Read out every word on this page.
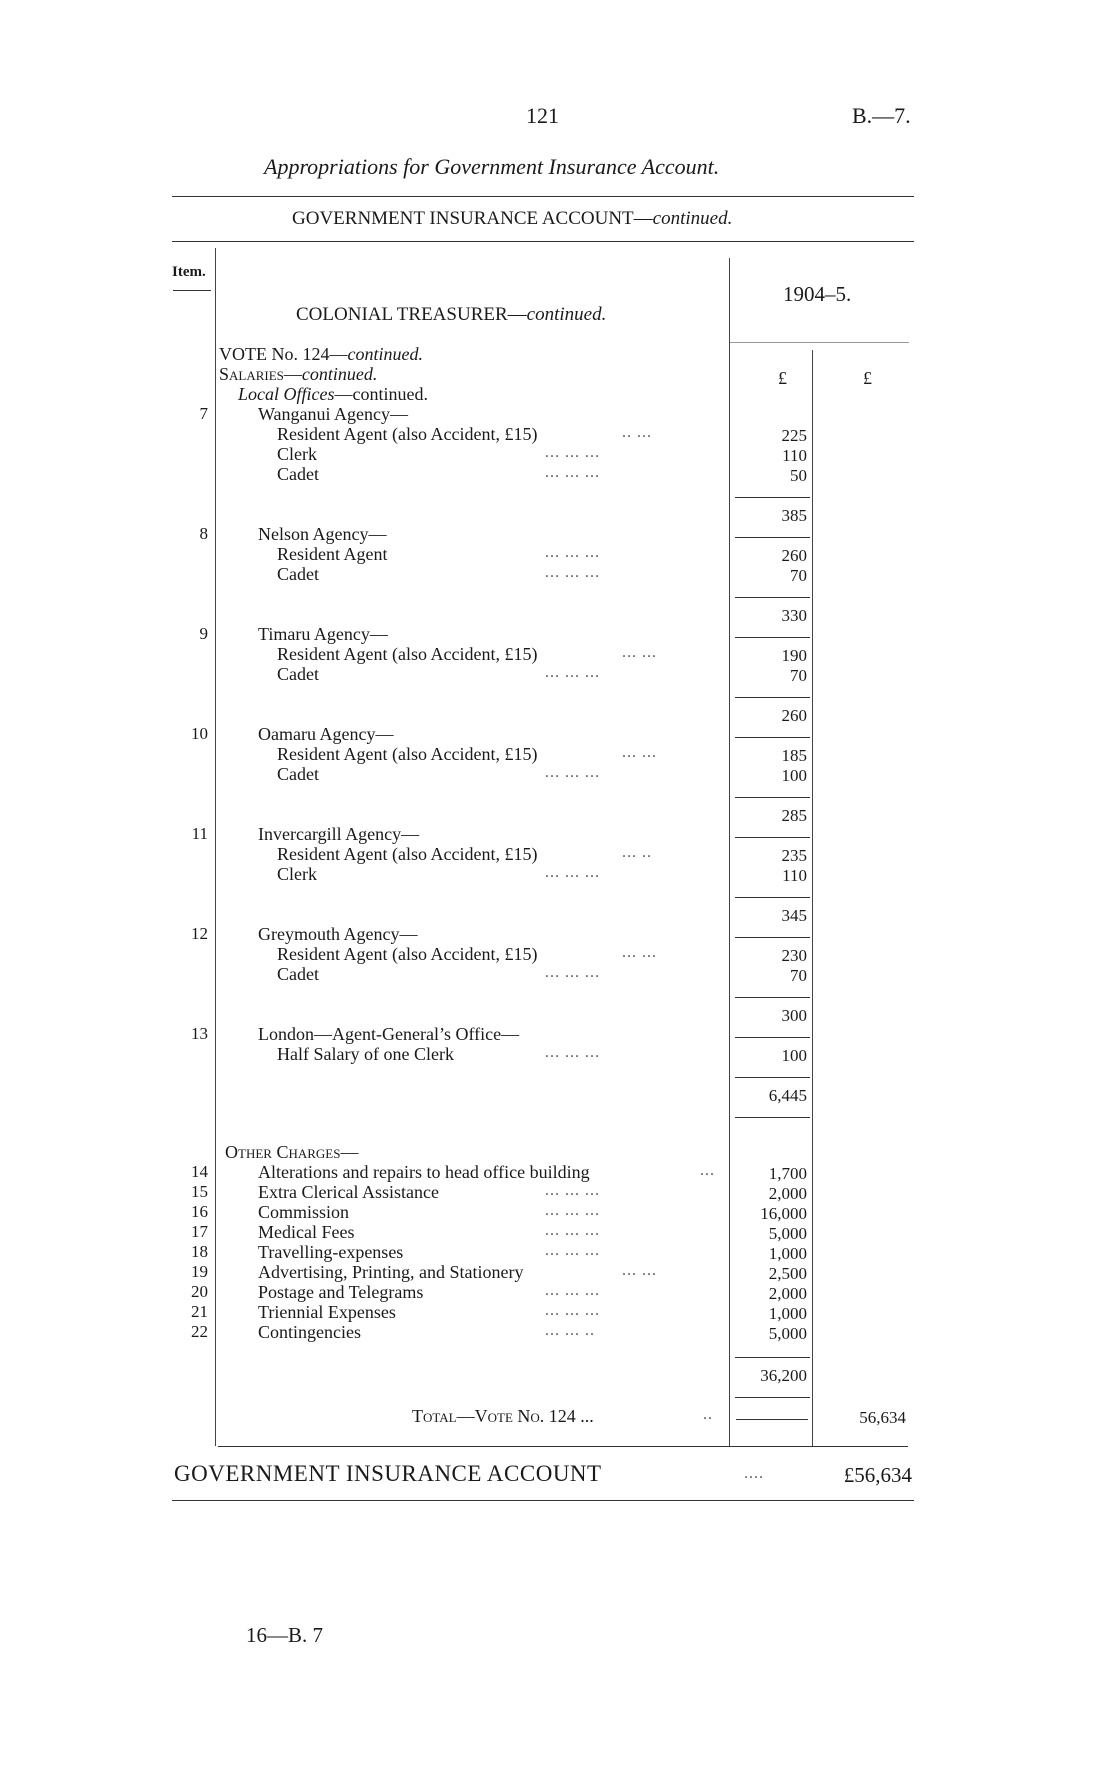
121	B.—7.
Appropriations for Government Insurance Account.
GOVERNMENT INSURANCE ACCOUNT—continued.
Item.
COLONIAL TREASURER—continued.
1904–5.
£	£
VOTE No. 124—continued.
Salaries—continued.
Local Offices—continued.
7	Wanganui Agency—
Resident Agent (also Accident, £15)	.. ...	225
Clerk	... ... ...	110
Cadet	... ... ...	50
385
8	Nelson Agency—
Resident Agent	... ... ...	260
Cadet	... ... ...	70
330
9	Timaru Agency—
Resident Agent (also Accident, £15)	... ...	190
Cadet	... ... ...	70
260
10	Oamaru Agency—
Resident Agent (also Accident, £15)	... ...	185
Cadet	... ... ...	100
285
11	Invercargill Agency—
Resident Agent (also Accident, £15)	... ..	235
Clerk	... ... ...	110
345
12	Greymouth Agency—
Resident Agent (also Accident, £15)	... ...	230
Cadet	... ... ...	70
300
13	London—Agent-General’s Office—
Half Salary of one Clerk	... ... ...	100
6,445
Other Charges—
14	Alterations and repairs to head office building	...	1,700
15	Extra Clerical Assistance	... ... ...	2,000
16	Commission	... ... ...	16,000
17	Medical Fees	... ... ...	5,000
18	Travelling-expenses	... ... ...	1,000
19	Advertising, Printing, and Stationery	... ...	2,500
20	Postage and Telegrams	... ... ...	2,000
21	Triennial Expenses	... ... ...	1,000
22	Contingencies	... ... ..	5,000
36,200
Total—Vote No. 124 ...	..	56,634
GOVERNMENT INSURANCE ACCOUNT	....	£56,634
16—B. 7
